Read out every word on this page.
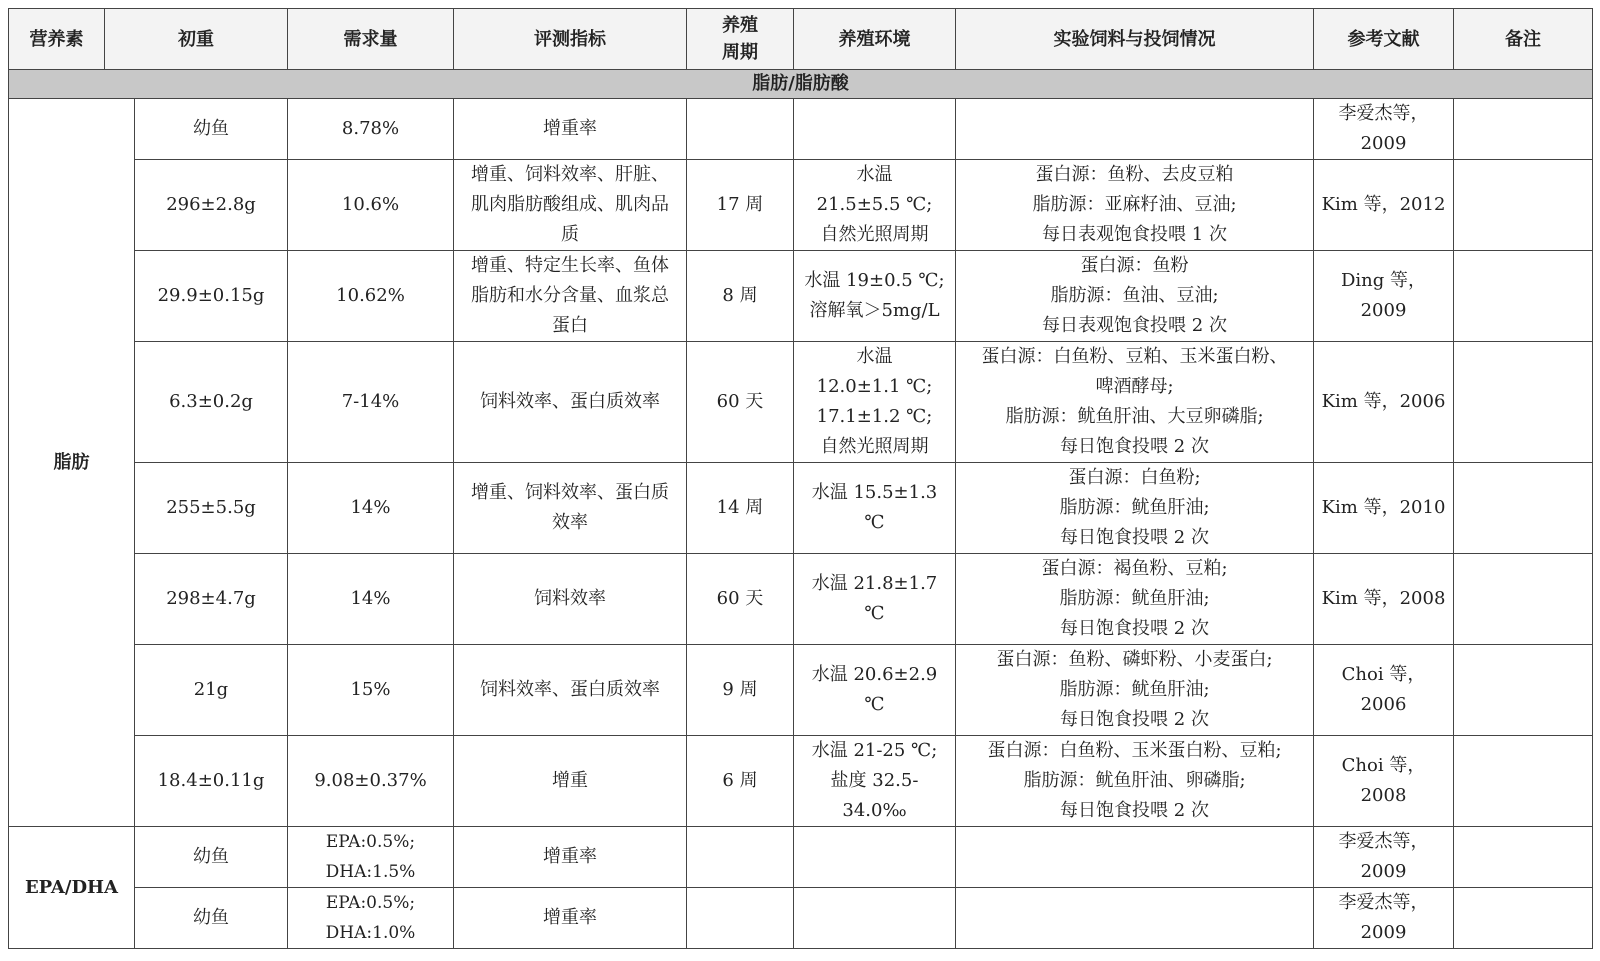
营养素	初重		需求量	评测指标	养殖
周期	养殖环境	实验饲料与投饲情况	参考文献	备注
脂肪/脂肪酸									
脂肪		幼鱼	8.78%	增重率				李爱杰等，
2009	
		296±2.8g	10.6%	增重、饲料效率、肝脏、
肌肉脂肪酸组成、肌肉品
质	17 周	水温
21.5±5.5 ℃;
自然光照周期	蛋白源：鱼粉、去皮豆粕
脂肪源：亚麻籽油、豆油;
每日表观饱食投喂 1 次	Kim 等，2012	
		29.9±0.15g	10.62%	增重、特定生长率、鱼体
脂肪和水分含量、血浆总
蛋白	8 周	水温 19±0.5 ℃;
溶解氧＞5mg/L	蛋白源：鱼粉
脂肪源：鱼油、豆油;
每日表观饱食投喂 2 次	Ding 等，2009	
		6.3±0.2g	7-14%	饲料效率、蛋白质效率	60 天	水温
12.0±1.1 ℃;
17.1±1.2 ℃;
自然光照周期	蛋白源：白鱼粉、豆粕、玉米蛋白粉、
啤酒酵母;
脂肪源：鱿鱼肝油、大豆卵磷脂;
每日饱食投喂 2 次	Kim 等，2006	
		255±5.5g	14%	增重、饲料效率、蛋白质
效率	14 周	水温 15.5±1.3 ℃	蛋白源：白鱼粉;
脂肪源：鱿鱼肝油;
每日饱食投喂 2 次	Kim 等，2010	
		298±4.7g	14%	饲料效率	60 天	水温 21.8±1.7 ℃	蛋白源：褐鱼粉、豆粕;
脂肪源：鱿鱼肝油;
每日饱食投喂 2 次	Kim 等，2008	
		21g	15%	饲料效率、蛋白质效率	9 周	水温 20.6±2.9 ℃	蛋白源：鱼粉、磷虾粉、小麦蛋白;
脂肪源：鱿鱼肝油;
每日饱食投喂 2 次	Choi 等，2006	
		18.4±0.11g	9.08±0.37%	增重	6 周	水温 21-25 ℃;
盐度 32.5-34.0‰	蛋白源：白鱼粉、玉米蛋白粉、豆粕;
脂肪源：鱿鱼肝油、卵磷脂;
每日饱食投喂 2 次	Choi 等，2008	
EPA/DHA		幼鱼	EPA:0.5%;
DHA:1.5%	增重率				李爱杰等，
2009	
		幼鱼	EPA:0.5%;
DHA:1.0%	增重率				李爱杰等，
2009	
